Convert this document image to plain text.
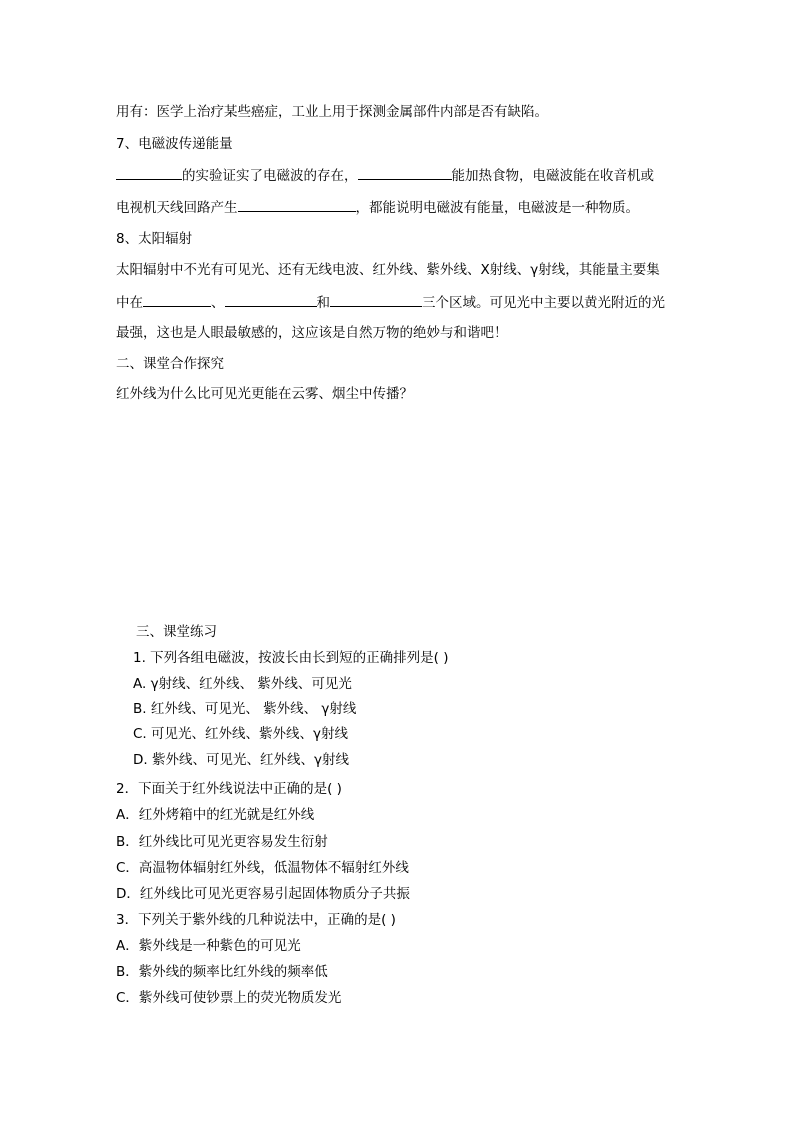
用有：医学上治疗某些癌症，工业上用于探测金属部件内部是否有缺陷。
7、电磁波传递能量
的实验证实了电磁波的存在，	能加热食物，电磁波能在收音机或
电视机天线回路产生	，都能说明电磁波有能量，电磁波是一种物质。
8、太阳辐射
太阳辐射中不光有可见光、还有无线电波、红外线、紫外线、X射线、γ射线，其能量主要集
中在	、	和	三个区域。可见光中主要以黄光附近的光
最强，这也是人眼最敏感的，这应该是自然万物的绝妙与和谐吧！
二、课堂合作探究
红外线为什么比可见光更能在云雾、烟尘中传播？
三、课堂练习
1. 下列各组电磁波，按波长由长到短的正确排列是( )
A. γ射线、红外线、 紫外线、可见光
B. 红外线、可见光、 紫外线、 γ射线
C. 可见光、红外线、紫外线、γ射线
D. 紫外线、可见光、红外线、γ射线
2．下面关于红外线说法中正确的是( )
A．红外烤箱中的红光就是红外线
B．红外线比可见光更容易发生衍射
C．高温物体辐射红外线，低温物体不辐射红外线
D．红外线比可见光更容易引起固体物质分子共振
3．下列关于紫外线的几种说法中，正确的是( )
A．紫外线是一种紫色的可见光
B．紫外线的频率比红外线的频率低
C．紫外线可使钞票上的荧光物质发光
